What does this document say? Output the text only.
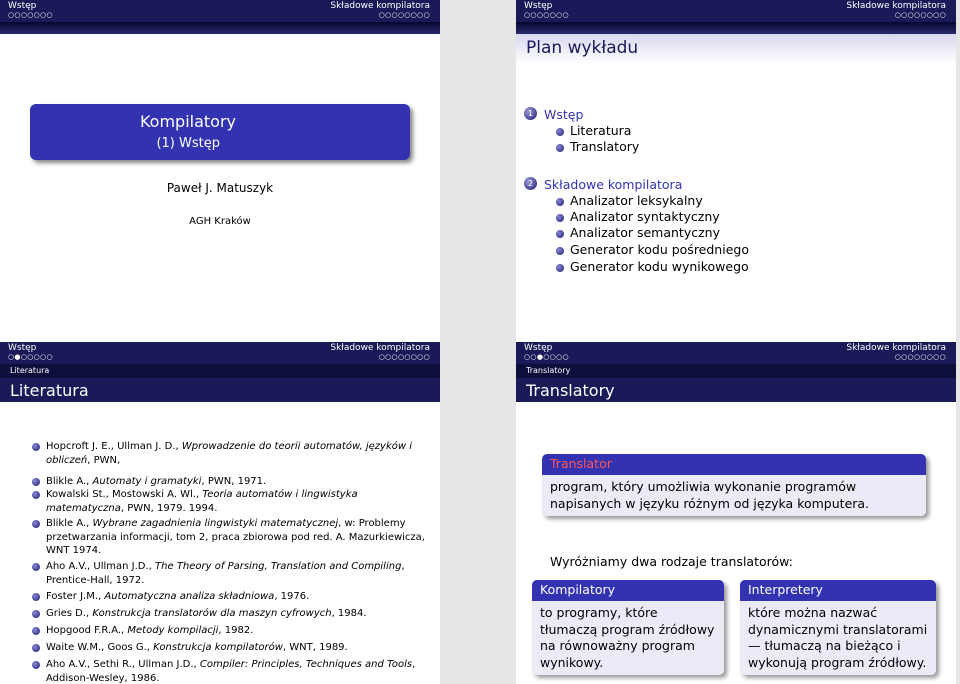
Wstęp	Składowe kompilatora
○○○○○○○	○○○○○○○○
Kompilatory
(1) Wstęp
Paweł J. Matuszyk
AGH Kraków
Wstęp	Składowe kompilatora
○○○○○○○	○○○○○○○○
Plan wykładu
1 Wstęp
Literatura
Translatory
2 Składowe kompilatora
Analizator leksykalny
Analizator syntaktyczny
Analizator semantyczny
Generator kodu pośredniego
Generator kodu wynikowego
Wstęp	Składowe kompilatora
○●○○○○○	○○○○○○○○
Literatura
Literatura
Hopcroft J. E., Ullman J. D., Wprowadzenie do teorii automatów, języków i obliczeń, PWN,
Blikle A., Automaty i gramatyki, PWN, 1971.
Kowalski St., Mostowski A. Wl., Teoria automatów i lingwistyka matematyczna, PWN, 1979. 1994.
Blikle A., Wybrane zagadnienia lingwistyki matematycznej, w: Problemy przetwarzania informacji, tom 2, praca zbiorowa pod red. A. Mazurkiewicza, WNT 1974.
Aho A.V., Ullman J.D., The Theory of Parsing, Translation and Compiling, Prentice-Hall, 1972.
Foster J.M., Automatyczna analiza składniowa, 1976.
Gries D., Konstrukcja translatorów dla maszyn cyfrowych, 1984.
Hopgood F.R.A., Metody kompilacji, 1982.
Waite W.M., Goos G., Konstrukcja kompilatorów, WNT, 1989.
Aho A.V., Sethi R., Ullman J.D., Compiler: Principles, Techniques and Tools, Addison-Wesley, 1986.
Wstęp	Składowe kompilatora
○○●○○○○	○○○○○○○○
Translatory
Translatory
Translator
program, który umożliwia wykonanie programów napisanych w języku różnym od języka komputera.
Wyróżniamy dwa rodzaje translatorów:
Kompilatory
to programy, które tłumaczą program źródłowy na równoważny program wynikowy.
Interpretery
które można nazwać dynamicznymi translatorami — tłumaczą na bieżąco i wykonują program źródłowy.
